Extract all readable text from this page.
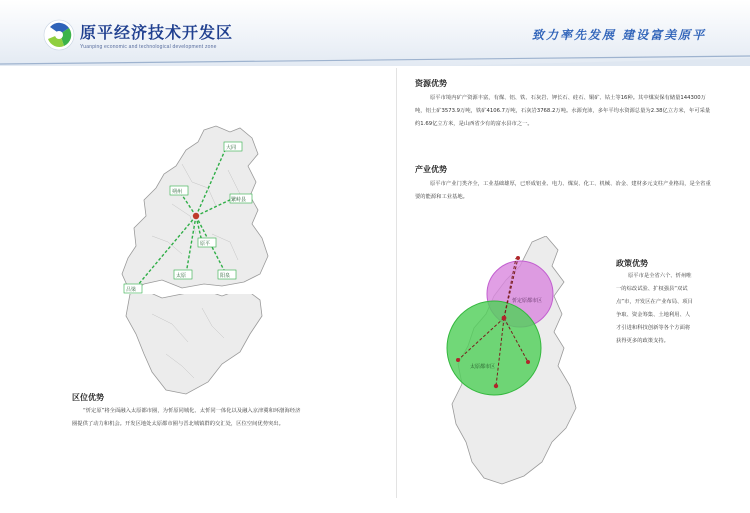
原平经济技术开发区
Yuanping economic and technological development zone
致力率先发展 建设富美原平
大同
朔州
繁峙县
原平
太原	阳泉
吕梁
区位优势
“忻定原”将全面融入太原都市圈，为忻原同城化、太忻同一体化以及融入京津冀和环渤海经济圈提供了动力和机会。开发区地处太原都市圈与晋北城镇群的交汇处，区位空间优势突出。
资源优势
原平市境内矿产资源丰富，有煤、铝、铁、石灰岩、钾长石、硅石、铜矿、钴土等16种。其中煤炭保有储量144300万吨，铝土矿3573.9万吨，铁矿4106.7万吨，石灰岩3768.2万吨。水源充沛，多年平均水资源总量为2.38亿立方米，年可采量约1.69亿立方米，是山西省少有的富水县市之一。
产业优势
原平市产业门类齐全，工业基础雄厚，已形成铝业、电力、煤炭、化工、机械、冶金、建材多元支柱产业格局，是全省重要的能源和工业基地。
忻定原都市区
太原都市区
政策优势
原平市是全省六个、忻州唯一的综改试验、扩权强县“双试点”市，开发区在产业布局、项目争取、资金筹集、土地利用、人才引进和科技创新等各个方面将获得更多的政策支持。
